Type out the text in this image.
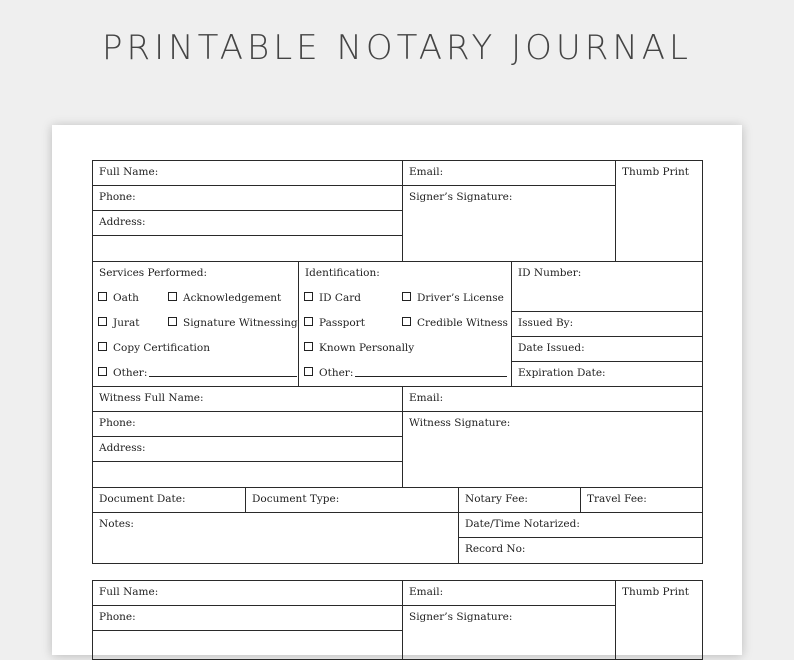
PRINTABLE NOTARY JOURNAL
Full Name:	Email:	Thumb Print
Phone:	Signer’s Signature:
Address:
Services Performed:
Oath	Acknowledgement
Jurat	Signature Witnessing
Copy Certification
Other:
Identification:
ID Card	Driver’s License
Passport	Credible Witness
Known Personally
Other:
ID Number:
Issued By:
Date Issued:
Expiration Date:
Witness Full Name:	Email:
Phone:	Witness Signature:
Address:
Document Date:	Document Type:	Notary Fee:	Travel Fee:
Notes:	Date/Time Notarized:
Record No:
Full Name:	Email:	Thumb Print
Phone:	Signer’s Signature:
